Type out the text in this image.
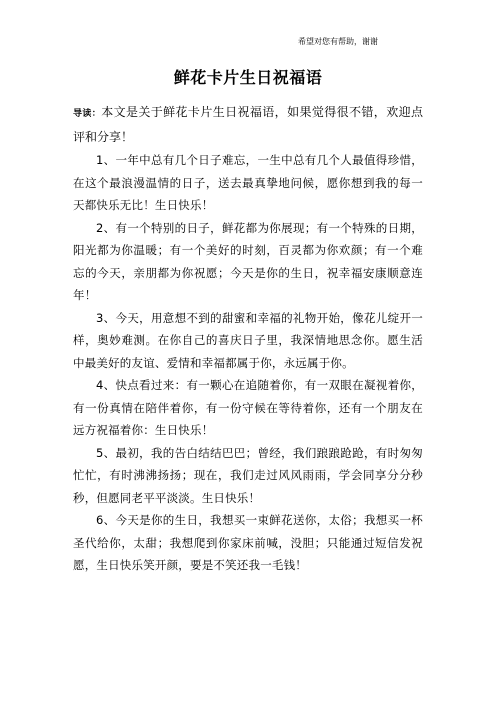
希望对您有帮助，谢谢
鲜花卡片生日祝福语

导读：本文是关于鲜花卡片生日祝福语，如果觉得很不错，欢迎点评和分享！

1、一年中总有几个日子难忘，一生中总有几个人最值得珍惜，在这个最浪漫温情的日子，送去最真挚地问候，愿你想到我的每一天都快乐无比！生日快乐！

2、有一个特别的日子，鲜花都为你展现；有一个特殊的日期，阳光都为你温暖；有一个美好的时刻，百灵都为你欢颜；有一个难忘的今天，亲朋都为你祝愿；今天是你的生日，祝幸福安康顺意连年！

3、今天，用意想不到的甜蜜和幸福的礼物开始，像花儿绽开一样，奥妙难测。在你自己的喜庆日子里，我深情地思念你。愿生活中最美好的友谊、爱情和幸福都属于你，永远属于你。

4、快点看过来：有一颗心在追随着你，有一双眼在凝视着你，有一份真情在陪伴着你，有一份守候在等待着你，还有一个朋友在远方祝福着你：生日快乐！

5、最初，我的告白结结巴巴；曾经，我们踉踉跄跄，有时匆匆忙忙，有时沸沸扬扬；现在，我们走过风风雨雨，学会同享分分秒秒，但愿同老平平淡淡。生日快乐！

6、今天是你的生日，我想买一束鲜花送你，太俗；我想买一杯圣代给你，太甜；我想爬到你家床前喊，没胆；只能通过短信发祝愿，生日快乐笑开颜，要是不笑还我一毛钱！
